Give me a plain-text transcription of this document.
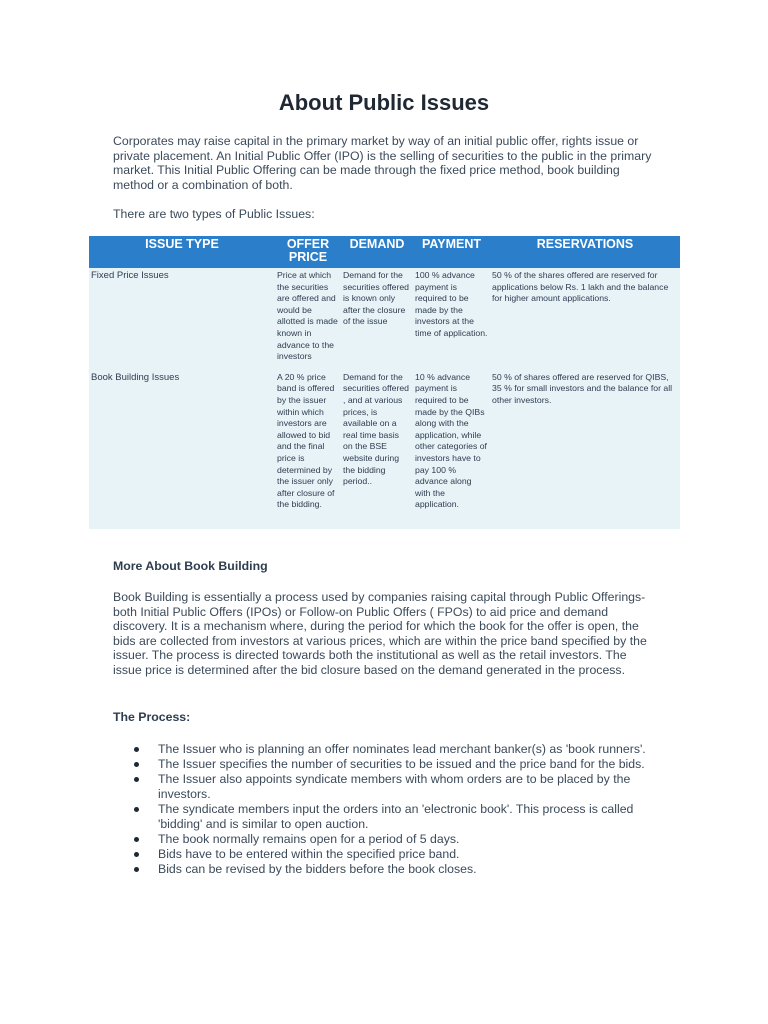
About Public Issues

Corporates may raise capital in the primary market by way of an initial public offer, rights issue or private placement. An Initial Public Offer (IPO) is the selling of securities to the public in the primary market. This Initial Public Offering can be made through the fixed price method, book building method or a combination of both.

There are two types of Public Issues:

ISSUE TYPE	OFFER PRICE	DEMAND	PAYMENT	RESERVATIONS
Fixed Price Issues	Price at which the securities are offered and would be allotted is made known in advance to the investors	Demand for the securities offered is known only after the closure of the issue	100 % advance payment is required to be made by the investors at the time of application.	50 % of the shares offered are reserved for applications below Rs. 1 lakh and the balance for higher amount applications.
Book Building Issues	A 20 % price band is offered by the issuer within which investors are allowed to bid and the final price is determined by the issuer only after closure of the bidding.	Demand for the securities offered , and at various prices, is available on a real time basis on the BSE website during the bidding period..	10 % advance payment is required to be made by the QIBs along with the application, while other categories of investors have to pay 100 % advance along with the application.	50 % of shares offered are reserved for QIBS, 35 % for small investors and the balance for all other investors.
More About Book Building

Book Building is essentially a process used by companies raising capital through Public Offerings-both Initial Public Offers (IPOs) or Follow-on Public Offers ( FPOs) to aid price and demand discovery. It is a mechanism where, during the period for which the book for the offer is open, the bids are collected from investors at various prices, which are within the price band specified by the issuer. The process is directed towards both the institutional as well as the retail investors. The issue price is determined after the bid closure based on the demand generated in the process.

The Process:
The Issuer who is planning an offer nominates lead merchant banker(s) as 'book runners'.
The Issuer specifies the number of securities to be issued and the price band for the bids.
The Issuer also appoints syndicate members with whom orders are to be placed by the investors.
The syndicate members input the orders into an 'electronic book'. This process is called 'bidding' and is similar to open auction.
The book normally remains open for a period of 5 days.
Bids have to be entered within the specified price band.
Bids can be revised by the bidders before the book closes.
